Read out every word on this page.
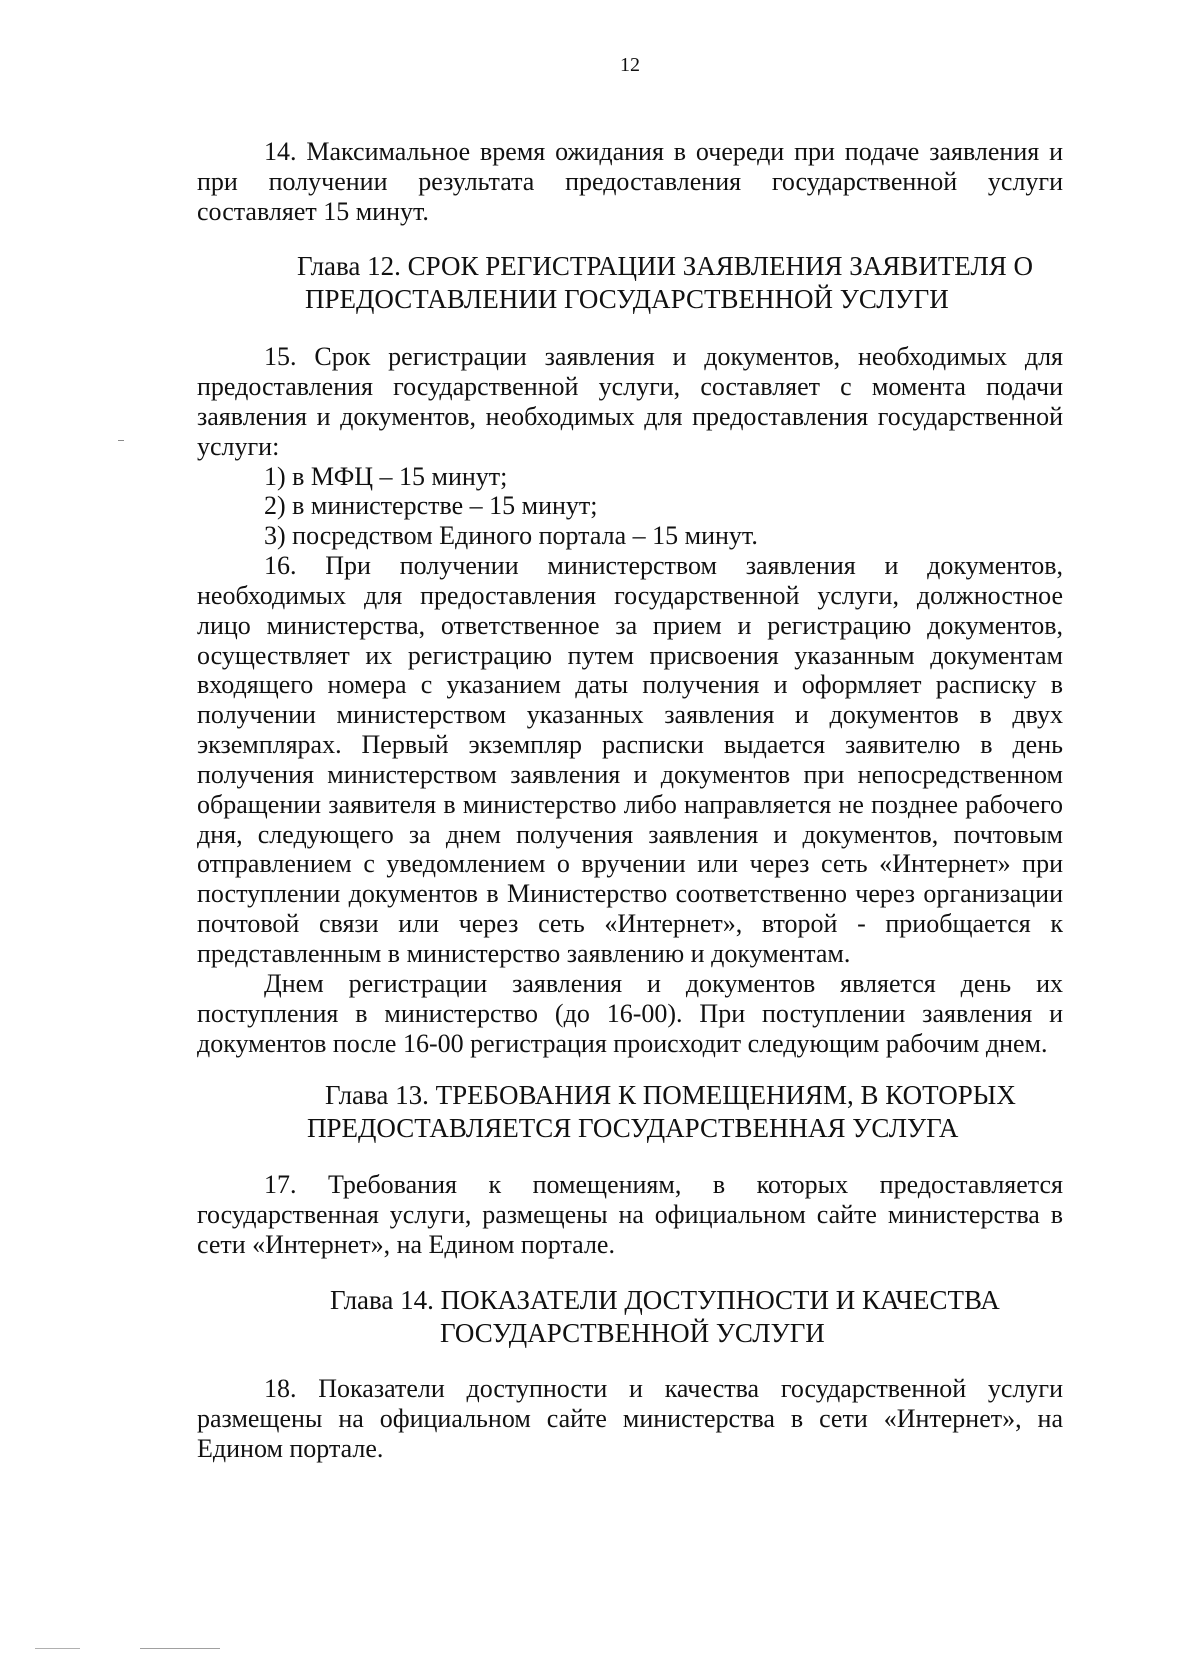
12
14. Максимальное время ожидания в очереди при подаче заявления и
при получении результата предоставления государственной услуги
составляет 15 минут.
Глава 12. СРОК РЕГИСТРАЦИИ ЗАЯВЛЕНИЯ ЗАЯВИТЕЛЯ О
ПРЕДОСТАВЛЕНИИ ГОСУДАРСТВЕННОЙ УСЛУГИ
15. Срок регистрации заявления и документов, необходимых для
предоставления государственной услуги, составляет с момента подачи
заявления и документов, необходимых для предоставления государственной
услуги:
1) в МФЦ – 15 минут;
2) в министерстве – 15 минут;
3) посредством Единого портала – 15 минут.
16. При получении министерством заявления и документов,
необходимых для предоставления государственной услуги, должностное
лицо министерства, ответственное за прием и регистрацию документов,
осуществляет их регистрацию путем присвоения указанным документам
входящего номера с указанием даты получения и оформляет расписку в
получении министерством указанных заявления и документов в двух
экземплярах. Первый экземпляр расписки выдается заявителю в день
получения министерством заявления и документов при непосредственном
обращении заявителя в министерство либо направляется не позднее рабочего
дня, следующего за днем получения заявления и документов, почтовым
отправлением с уведомлением о вручении или через сеть «Интернет» при
поступлении документов в Министерство соответственно через организации
почтовой связи или через сеть «Интернет», второй - приобщается к
представленным в министерство заявлению и документам.
Днем регистрации заявления и документов является день их
поступления в министерство (до 16-00). При поступлении заявления и
документов после 16-00 регистрация происходит следующим рабочим днем.
Глава 13. ТРЕБОВАНИЯ К ПОМЕЩЕНИЯМ, В КОТОРЫХ
ПРЕДОСТАВЛЯЕТСЯ ГОСУДАРСТВЕННАЯ УСЛУГА
17. Требования к помещениям, в которых предоставляется
государственная услуги, размещены на официальном сайте министерства в
сети «Интернет», на Едином портале.
Глава 14. ПОКАЗАТЕЛИ ДОСТУПНОСТИ И КАЧЕСТВА
ГОСУДАРСТВЕННОЙ УСЛУГИ
18. Показатели доступности и качества государственной услуги
размещены на официальном сайте министерства в сети «Интернет», на
Едином портале.
